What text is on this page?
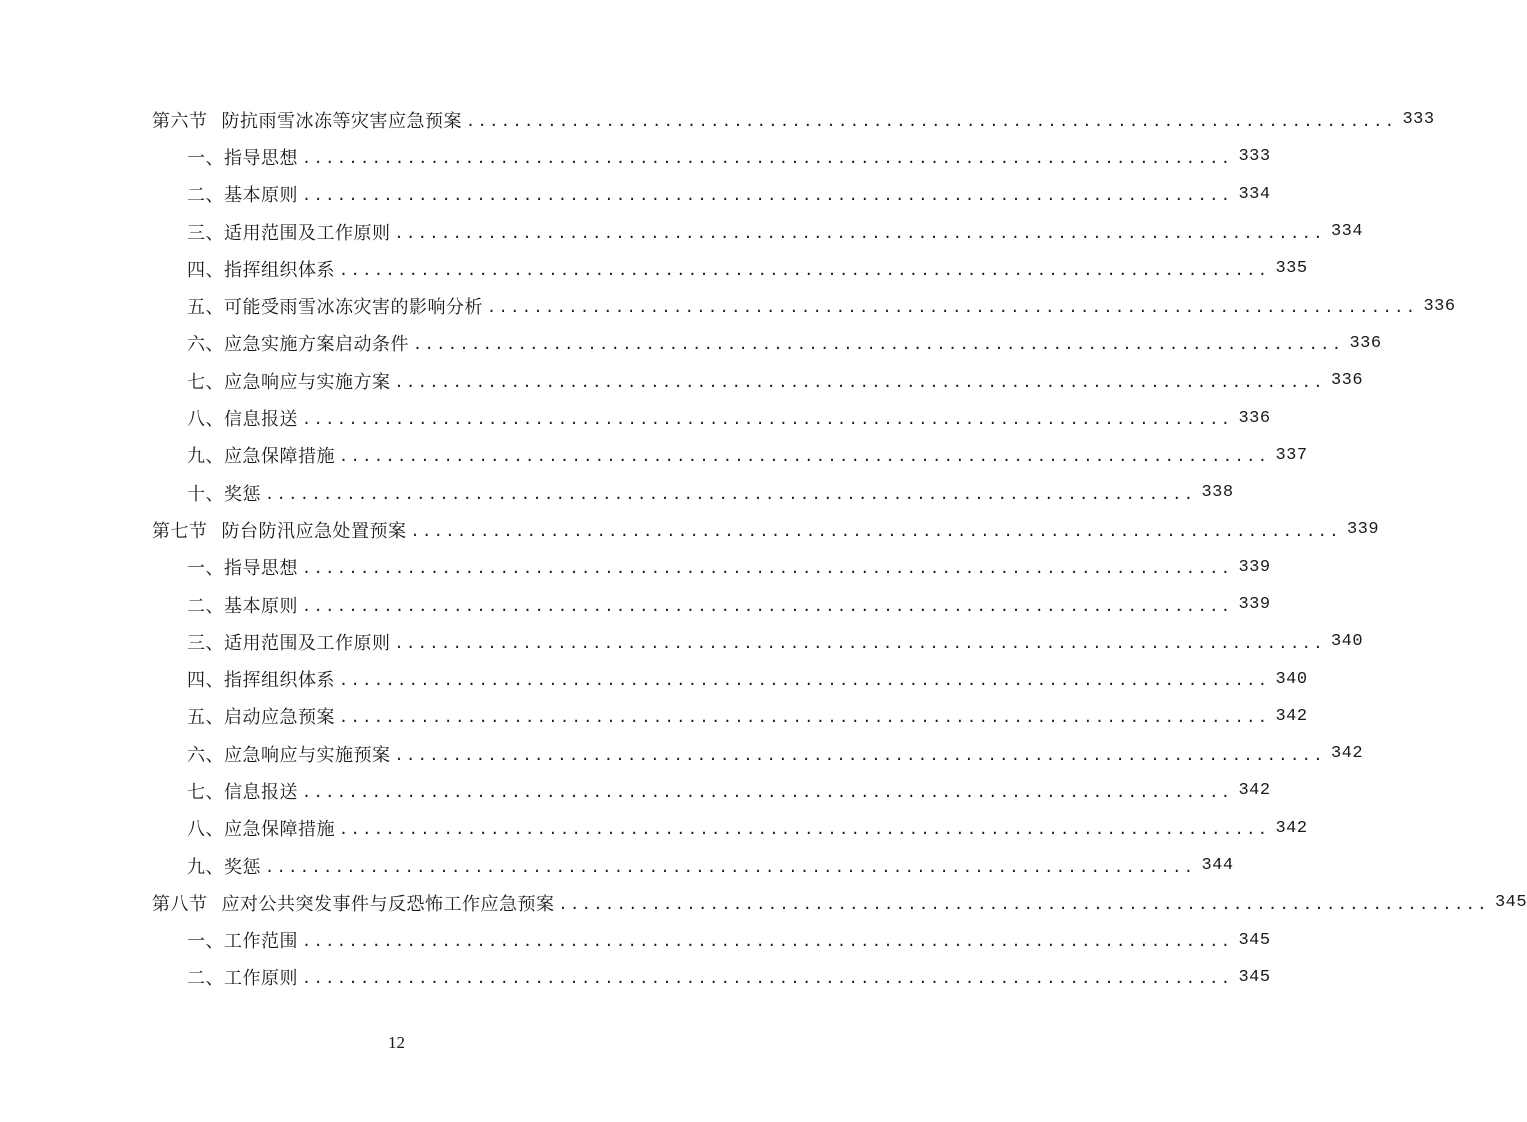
第六节 防抗雨雪冰冻等灾害应急预案 ................................................................................ 333
一、指导思想 ................................................................................ 333
二、基本原则 ................................................................................ 334
三、适用范围及工作原则 ................................................................................ 334
四、指挥组织体系 ................................................................................ 335
五、可能受雨雪冰冻灾害的影响分析 ................................................................................ 336
六、应急实施方案启动条件 ................................................................................ 336
七、应急响应与实施方案 ................................................................................ 336
八、信息报送 ................................................................................ 336
九、应急保障措施 ................................................................................ 337
十、奖惩 ................................................................................ 338
第七节 防台防汛应急处置预案 ................................................................................ 339
一、指导思想 ................................................................................ 339
二、基本原则 ................................................................................ 339
三、适用范围及工作原则 ................................................................................ 340
四、指挥组织体系 ................................................................................ 340
五、启动应急预案 ................................................................................ 342
六、应急响应与实施预案 ................................................................................ 342
七、信息报送 ................................................................................ 342
八、应急保障措施 ................................................................................ 342
九、奖惩 ................................................................................ 344
第八节 应对公共突发事件与反恐怖工作应急预案 ................................................................................ 345
一、工作范围 ................................................................................ 345
二、工作原则 ................................................................................ 345
12
